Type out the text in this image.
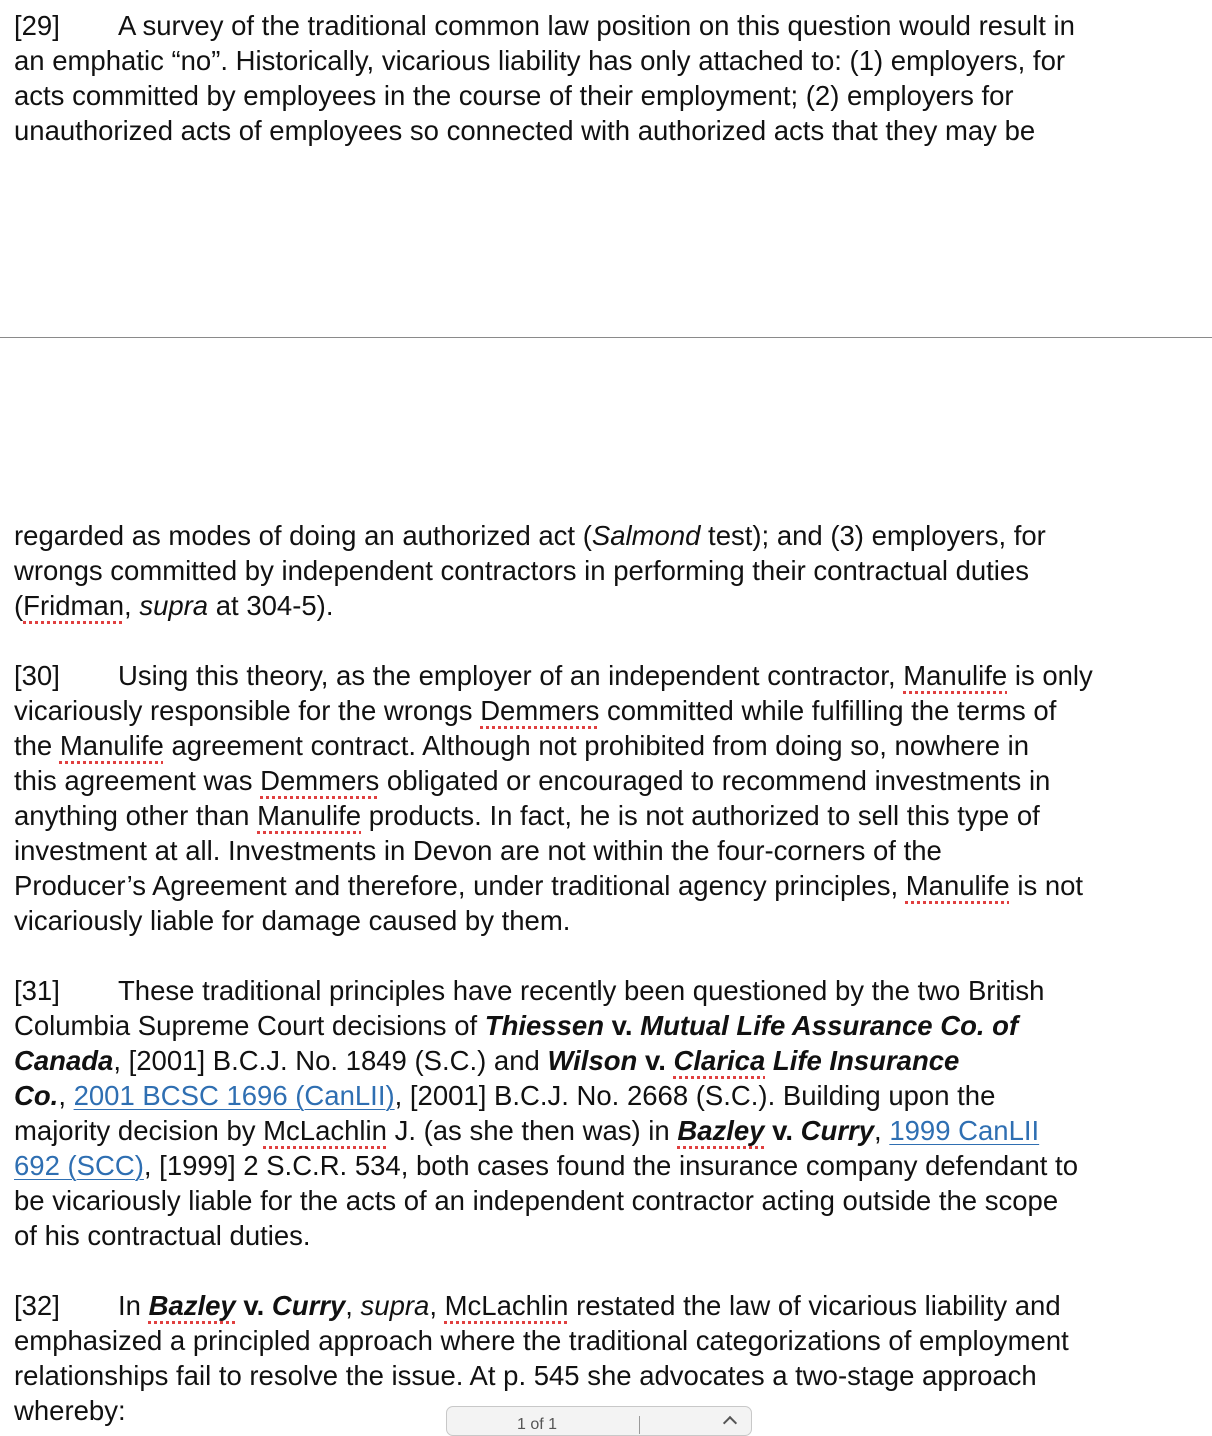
[29] A survey of the traditional common law position on this question would result in
an emphatic “no”. Historically, vicarious liability has only attached to: (1) employers, for
acts committed by employees in the course of their employment; (2) employers for
unauthorized acts of employees so connected with authorized acts that they may be
regarded as modes of doing an authorized act (Salmond test); and (3) employers, for
wrongs committed by independent contractors in performing their contractual duties
(Fridman, supra at 304-5).
[30] Using this theory, as the employer of an independent contractor, Manulife is only
vicariously responsible for the wrongs Demmers committed while fulfilling the terms of
the Manulife agreement contract. Although not prohibited from doing so, nowhere in
this agreement was Demmers obligated or encouraged to recommend investments in
anything other than Manulife products. In fact, he is not authorized to sell this type of
investment at all. Investments in Devon are not within the four-corners of the
Producer’s Agreement and therefore, under traditional agency principles, Manulife is not
vicariously liable for damage caused by them.
[31] These traditional principles have recently been questioned by the two British
Columbia Supreme Court decisions of Thiessen v. Mutual Life Assurance Co. of
Canada, [2001] B.C.J. No. 1849 (S.C.) and Wilson v. Clarica Life Insurance
Co., 2001 BCSC 1696 (CanLII), [2001] B.C.J. No. 2668 (S.C.). Building upon the
majority decision by McLachlin J. (as she then was) in Bazley v. Curry, 1999 CanLII
692 (SCC), [1999] 2 S.C.R. 534, both cases found the insurance company defendant to
be vicariously liable for the acts of an independent contractor acting outside the scope
of his contractual duties.
[32] In Bazley v. Curry, supra, McLachlin restated the law of vicarious liability and
emphasized a principled approach where the traditional categorizations of employment
relationships fail to resolve the issue. At p. 545 she advocates a two-stage approach
whereby:	1 of 1
